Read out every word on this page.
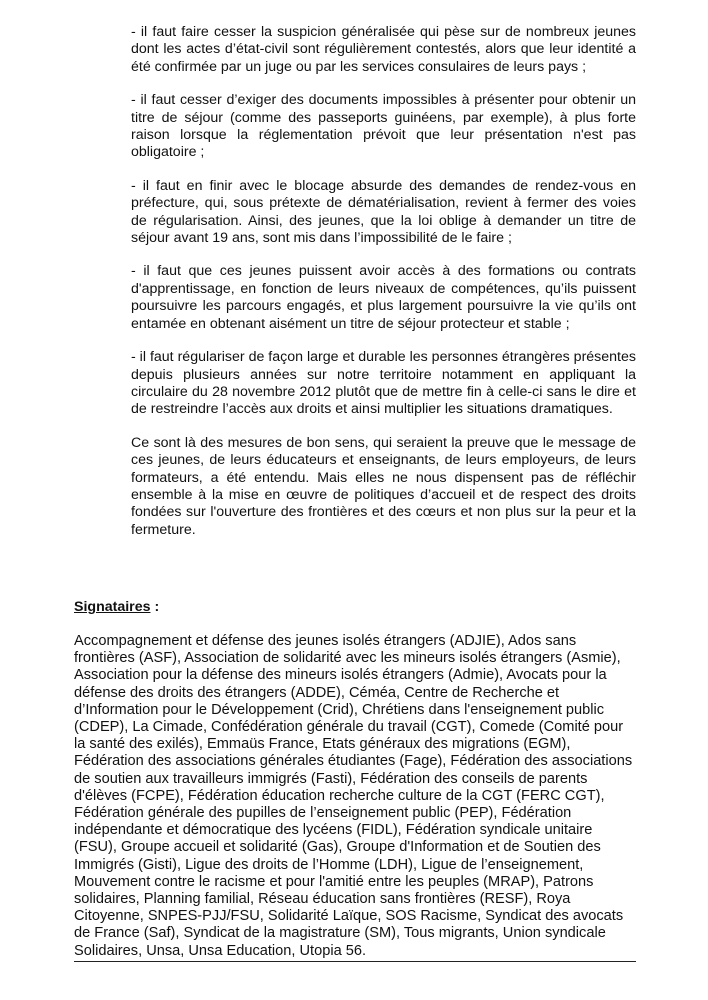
- il faut faire cesser la suspicion généralisée qui pèse sur de nombreux jeunes dont les actes d’état-civil sont régulièrement contestés, alors que leur identité a été confirmée par un juge ou par les services consulaires de leurs pays ;

- il faut cesser d’exiger des documents impossibles à présenter pour obtenir un titre de séjour (comme des passeports guinéens, par exemple), à plus forte raison lorsque la réglementation prévoit que leur présentation n'est pas obligatoire ;

- il faut en finir avec le blocage absurde des demandes de rendez-vous en préfecture, qui, sous prétexte de dématérialisation, revient à fermer des voies de régularisation. Ainsi, des jeunes, que la loi oblige à demander un titre de séjour avant 19 ans, sont mis dans l’impossibilité de le faire ;

- il faut que ces jeunes puissent avoir accès à des formations ou contrats d'apprentissage, en fonction de leurs niveaux de compétences, qu’ils puissent poursuivre les parcours engagés, et plus largement poursuivre la vie qu’ils ont entamée en obtenant aisément un titre de séjour protecteur et stable ;

- il faut régulariser de façon large et durable les personnes étrangères présentes depuis plusieurs années sur notre territoire notamment en appliquant la circulaire du 28 novembre 2012 plutôt que de mettre fin à celle-ci sans le dire et de restreindre l’accès aux droits et ainsi multiplier les situations dramatiques.

Ce sont là des mesures de bon sens, qui seraient la preuve que le message de ces jeunes, de leurs éducateurs et enseignants, de leurs employeurs, de leurs formateurs, a été entendu. Mais elles ne nous dispensent pas de réfléchir ensemble à la mise en œuvre de politiques d’accueil et de respect des droits fondées sur l'ouverture des frontières et des cœurs et non plus sur la peur et la fermeture.

Signataires :

Accompagnement et défense des jeunes isolés étrangers (ADJIE), Ados sans frontières (ASF), Association de solidarité avec les mineurs isolés étrangers (Asmie), Association pour la défense des mineurs isolés étrangers (Admie), Avocats pour la défense des droits des étrangers (ADDE), Céméa, Centre de Recherche et d’Information pour le Développement (Crid), Chrétiens dans l'enseignement public (CDEP), La Cimade, Confédération générale du travail (CGT), Comede (Comité pour la santé des exilés), Emmaüs France, Etats généraux des migrations (EGM), Fédération des associations générales étudiantes (Fage), Fédération des associations de soutien aux travailleurs immigrés (Fasti), Fédération des conseils de parents d'élèves (FCPE), Fédération éducation recherche culture de la CGT (FERC CGT), Fédération générale des pupilles de l’enseignement public (PEP), Fédération indépendante et démocratique des lycéens (FIDL), Fédération syndicale unitaire (FSU), Groupe accueil et solidarité (Gas), Groupe d'Information et de Soutien des Immigrés (Gisti), Ligue des droits de l’Homme (LDH), Ligue de l’enseignement, Mouvement contre le racisme et pour l'amitié entre les peuples (MRAP), Patrons solidaires, Planning familial, Réseau éducation sans frontières (RESF), Roya Citoyenne, SNPES-PJJ/FSU, Solidarité Laïque, SOS Racisme, Syndicat des avocats de France (Saf), Syndicat de la magistrature (SM), Tous migrants, Union syndicale Solidaires, Unsa, Unsa Education, Utopia 56.
